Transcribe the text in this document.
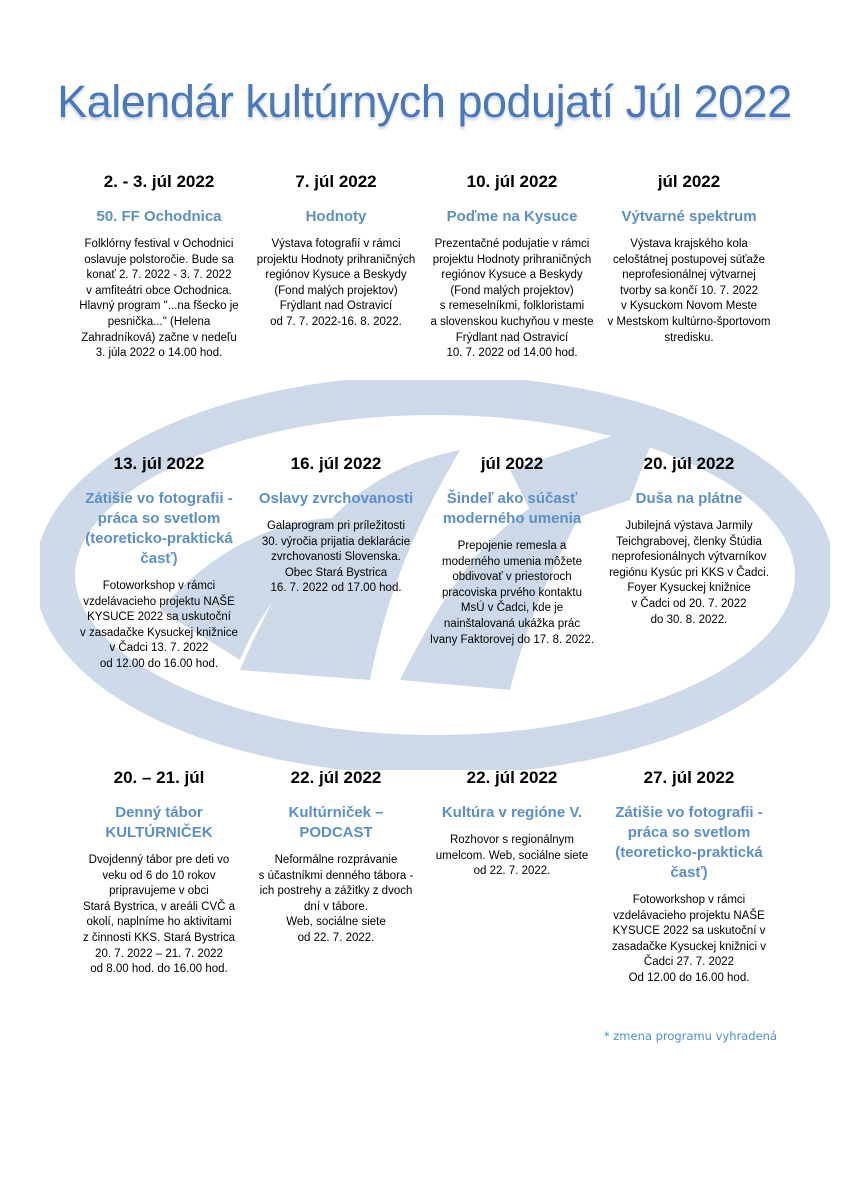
Kalendár kultúrnych podujatí Júl 2022
2. - 3. júl 2022
50. FF Ochodnica
Folklórny festival v Ochodnici
oslavuje polstoročie. Bude sa
konať 2. 7. 2022 - 3. 7. 2022
v amfiteátri obce Ochodnica.
Hlavný program "...na fšecko je
pesnička..." (Helena
Zahradníková) začne v nedeľu
3. júla 2022 o 14.00 hod.
7. júl 2022
Hodnoty
Výstava fotografií v rámci
projektu Hodnoty prihraničných
regiónov Kysuce a Beskydy
(Fond malých projektov)
Frýdlant nad Ostravicí
od 7. 7. 2022-16. 8. 2022.
10. júl 2022
Poďme na Kysuce
Prezentačné podujatie v rámci
projektu Hodnoty prihraničných
regiónov Kysuce a Beskydy
(Fond malých projektov)
s remeselníkmi, folkloristami
a slovenskou kuchyňou v meste
Frýdlant nad Ostravicí
10. 7. 2022 od 14.00 hod.
júl 2022
Výtvarné spektrum
Výstava krajského kola
celoštátnej postupovej súťaže
neprofesionálnej výtvarnej
tvorby sa končí 10. 7. 2022
v Kysuckom Novom Meste
v Mestskom kultúrno-športovom
stredisku.
13. júl 2022
Zátišie vo fotografii -
práca so svetlom
(teoreticko-praktická
časť)
Fotoworkshop v rámci
vzdelávacieho projektu NAŠE
KYSUCE 2022 sa uskutoční
v zasadačke Kysuckej knižnice
v Čadci 13. 7. 2022
od 12.00 do 16.00 hod.
16. júl 2022
Oslavy zvrchovanosti
Galaprogram pri príležitosti
30. výročia prijatia deklarácie
zvrchovanosti Slovenska.
Obec Stará Bystrica
16. 7. 2022 od 17.00 hod.
júl 2022
Šindeľ ako súčasť
moderného umenia
Prepojenie remesla a
moderného umenia môžete
obdivovať v priestoroch
pracoviska prvého kontaktu
MsÚ v Čadci, kde je
nainštalovaná ukážka prác
Ivany Faktorovej do 17. 8. 2022.
20. júl 2022
Duša na plátne
Jubilejná výstava Jarmily
Teichgrabovej, členky Štúdia
neprofesionálnych výtvarníkov
regiónu Kysúc pri KKS v Čadci.
Foyer Kysuckej knižnice
v Čadci od 20. 7. 2022
do 30. 8. 2022.
20. – 21. júl
Denný tábor
KULTÚRNIČEK
Dvojdenný tábor pre deti vo
veku od 6 do 10 rokov
pripravujeme v obci
Stará Bystrica, v areáli CVČ a
okolí, naplníme ho aktivitami
z činnosti KKS. Stará Bystrica
20. 7. 2022 – 21. 7. 2022
od 8.00 hod. do 16.00 hod.
22. júl 2022
Kultúrniček –
PODCAST
Neformálne rozprávanie
s účastníkmi denného tábora -
ich postrehy a zážitky z dvoch
dní v tábore.
Web, sociálne siete
od 22. 7. 2022.
22. júl 2022
Kultúra v regióne V.
Rozhovor s regionálnym
umelcom. Web, sociálne siete
od 22. 7. 2022.
27. júl 2022
Zátišie vo fotografii -
práca so svetlom
(teoreticko-praktická
časť)
Fotoworkshop v rámci
vzdelávacieho projektu NAŠE
KYSUCE 2022 sa uskutoční v
zasadačke Kysuckej knižnici v
Čadci 27. 7. 2022
Od 12.00 do 16.00 hod.
* zmena programu vyhradená
